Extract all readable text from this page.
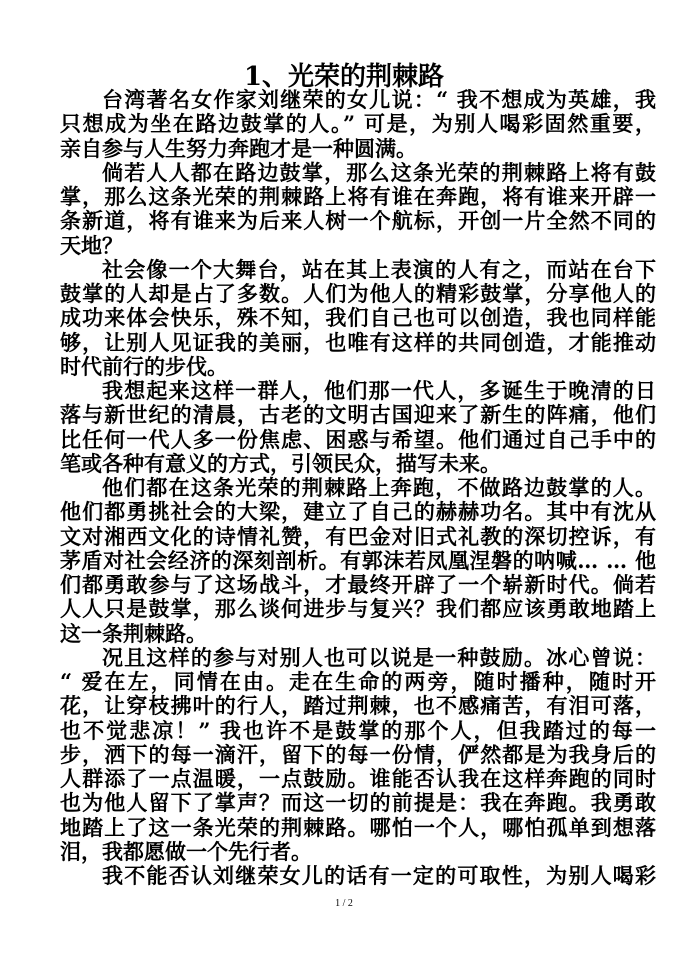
1、光荣的荆棘路
台湾著名女作家刘继荣的女儿说：“ 我不想成为英雄，我
只想成为坐在路边鼓掌的人。” 可是，为别人喝彩固然重要，
亲自参与人生努力奔跑才是一种圆满。
倘若人人都在路边鼓掌，那么这条光荣的荆棘路上将有鼓
掌，那么这条光荣的荆棘路上将有谁在奔跑，将有谁来开辟一
条新道，将有谁来为后来人树一个航标，开创一片全然不同的
天地？
社会像一个大舞台，站在其上表演的人有之，而站在台下
鼓掌的人却是占了多数。人们为他人的精彩鼓掌，分享他人的
成功来体会快乐，殊不知，我们自己也可以创造，我也同样能
够，让别人见证我的美丽，也唯有这样的共同创造，才能推动
时代前行的步伐。
我想起来这样一群人，他们那一代人，多诞生于晚清的日
落与新世纪的清晨，古老的文明古国迎来了新生的阵痛，他们
比任何一代人多一份焦虑、困惑与希望。他们通过自己手中的
笔或各种有意义的方式，引领民众，描写未来。
他们都在这条光荣的荆棘路上奔跑，不做路边鼓掌的人。
他们都勇挑社会的大梁，建立了自己的赫赫功名。其中有沈从
文对湘西文化的诗情礼赞，有巴金对旧式礼教的深切控诉，有
茅盾对社会经济的深刻剖析。有郭沫若凤凰涅磐的呐喊… … 他
们都勇敢参与了这场战斗，才最终开辟了一个崭新时代。倘若
人人只是鼓掌，那么谈何进步与复兴？我们都应该勇敢地踏上
这一条荆棘路。
况且这样的参与对别人也可以说是一种鼓励。冰心曾说：
“ 爱在左，同情在由。走在生命的两旁，随时播种，随时开
花，让穿枝拂叶的行人，踏过荆棘，也不感痛苦，有泪可落，
也不觉悲凉！” 我也许不是鼓掌的那个人，但我踏过的每一
步，洒下的每一滴汗，留下的每一份情，俨然都是为我身后的
人群添了一点温暖，一点鼓励。谁能否认我在这样奔跑的同时
也为他人留下了掌声？而这一切的前提是：我在奔跑。我勇敢
地踏上了这一条光荣的荆棘路。哪怕一个人，哪怕孤单到想落
泪，我都愿做一个先行者。
我不能否认刘继荣女儿的话有一定的可取性，为别人喝彩
1 / 2
